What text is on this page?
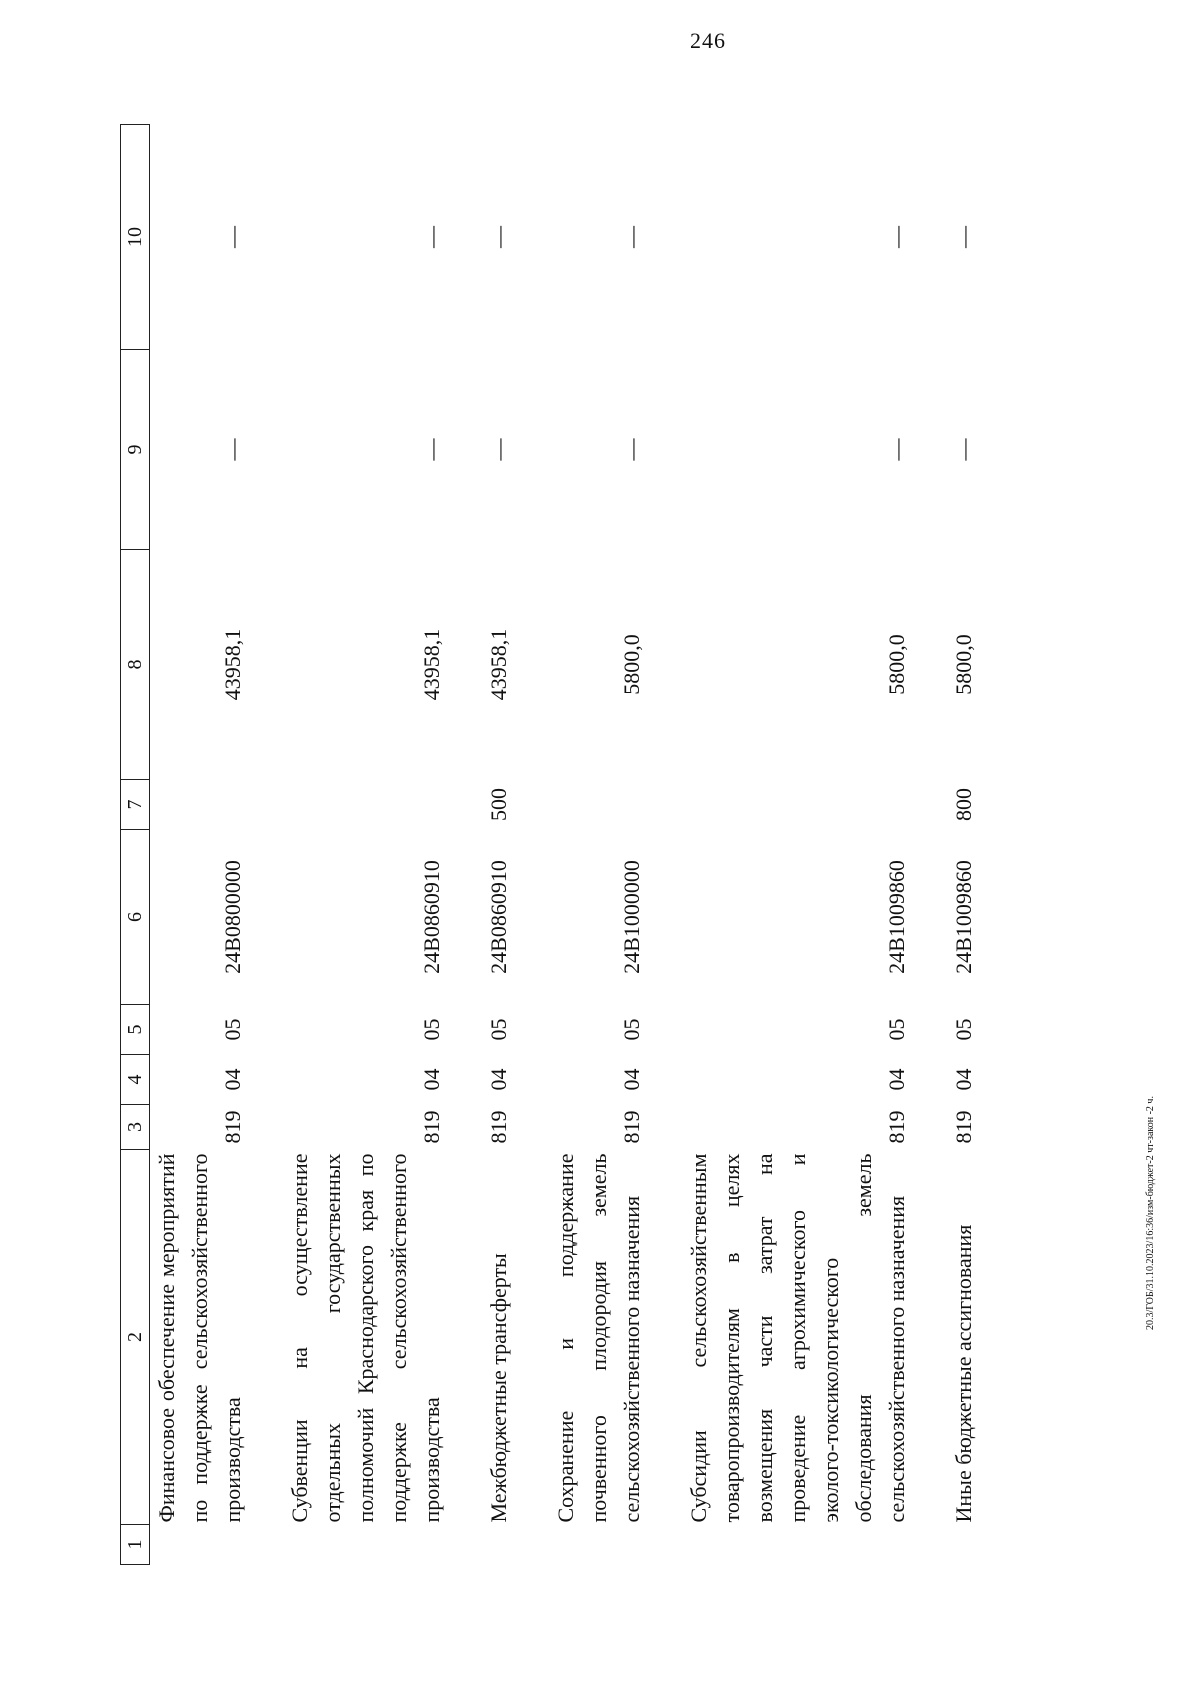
246
20.3/ГОБ/31.10.2023/16:36/изм-бюджет-2 чт-закон -2 ч.
1	2	3	4	5	6	7	8	9	10
	Финансовое обеспечение мероприятий по поддержке сельскохозяйственного производства	819	04	05	24В0800000		43958,1	—	—

	Субвенции на осуществление отдельных государственных полномочий Краснодарского края по поддержке сельскохозяйственного производства	819	04	05	24В0860910		43958,1	—	—

	Межбюджетные трансферты	819	04	05	24В0860910	500	43958,1	—	—

	Сохранение и поддержание почвенного плодородия земель сельскохозяйственного назначения	819	04	05	24В1000000		5800,0	—	—

	Субсидии сельскохозяйственным товаропроизводителям в целях возмещения части затрат на проведение агрохимического и эколого-токсикологического обследования земель сельскохозяйственного назначения	819	04	05	24В1009860		5800,0	—	—

	Иные бюджетные ассигнования	819	04	05	24В1009860	800	5800,0	—	—
